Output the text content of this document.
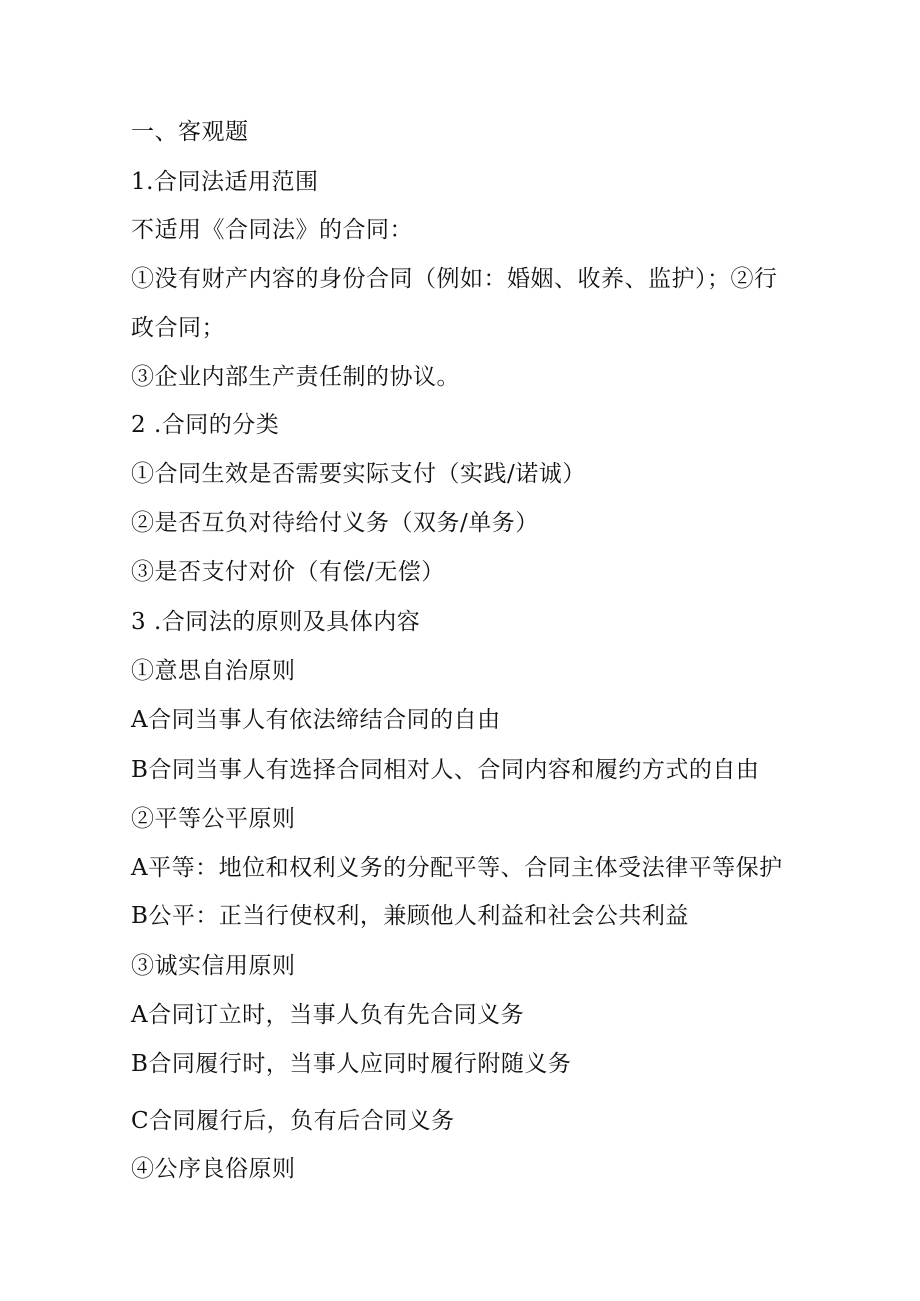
一、客观题

1.合同法适用范围

不适用《合同法》的合同：

①没有财产内容的身份合同（例如：婚姻、收养、监护）；②行

政合同；

③企业内部生产责任制的协议。

2 .合同的分类

①合同生效是否需要实际支付（实践/诺诚）

②是否互负对待给付义务（双务/单务）

③是否支付对价（有偿/无偿）

3 .合同法的原则及具体内容

①意思自治原则

A合同当事人有依法缔结合同的自由

B合同当事人有选择合同相对人、合同内容和履约方式的自由

②平等公平原则

A平等：地位和权利义务的分配平等、合同主体受法律平等保护

B公平：正当行使权利，兼顾他人利益和社会公共利益

③诚实信用原则

A合同订立时，当事人负有先合同义务

B合同履行时，当事人应同时履行附随义务

C合同履行后，负有后合同义务

④公序良俗原则
